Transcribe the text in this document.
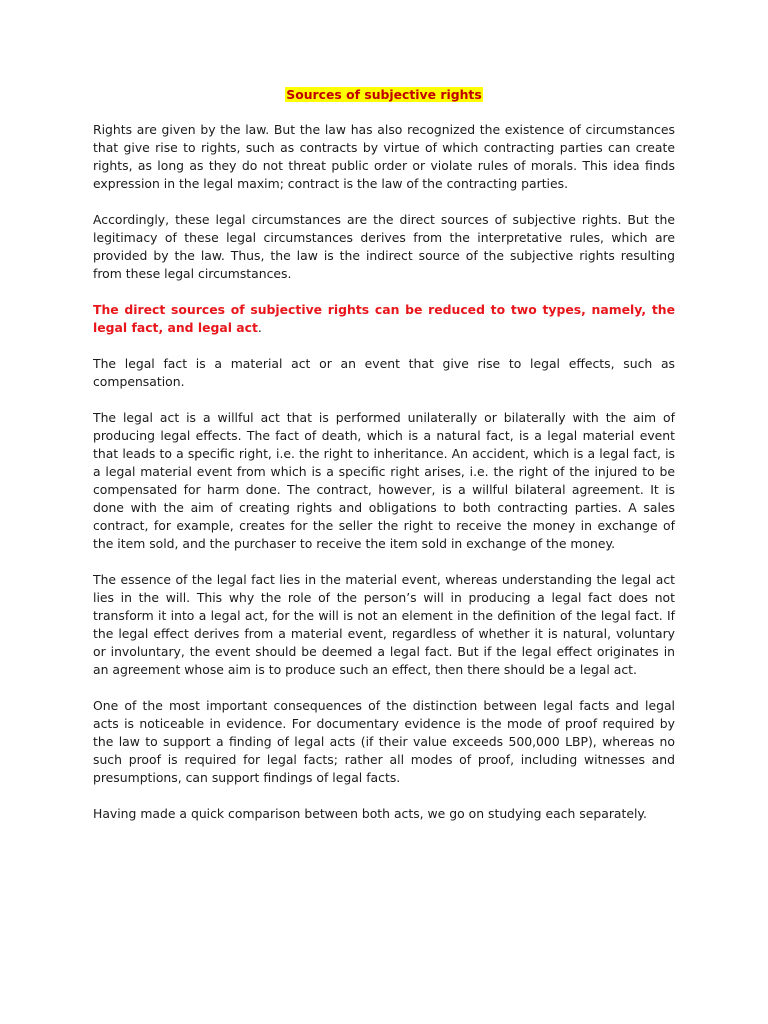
Sources of subjective rights

Rights are given by the law. But the law has also recognized the existence of circumstances that give rise to rights, such as contracts by virtue of which contracting parties can create rights, as long as they do not threat public order or violate rules of morals. This idea finds expression in the legal maxim; contract is the law of the contracting parties.

Accordingly, these legal circumstances are the direct sources of subjective rights. But the legitimacy of these legal circumstances derives from the interpretative rules, which are provided by the law. Thus, the law is the indirect source of the subjective rights resulting from these legal circumstances.

The direct sources of subjective rights can be reduced to two types, namely, the legal fact, and legal act.

The legal fact is a material act or an event that give rise to legal effects, such as compensation.

The legal act is a willful act that is performed unilaterally or bilaterally with the aim of producing legal effects. The fact of death, which is a natural fact, is a legal material event that leads to a specific right, i.e. the right to inheritance. An accident, which is a legal fact, is a legal material event from which is a specific right arises, i.e. the right of the injured to be compensated for harm done. The contract, however, is a willful bilateral agreement. It is done with the aim of creating rights and obligations to both contracting parties. A sales contract, for example, creates for the seller the right to receive the money in exchange of the item sold, and the purchaser to receive the item sold in exchange of the money.

The essence of the legal fact lies in the material event, whereas understanding the legal act lies in the will. This why the role of the person’s will in producing a legal fact does not transform it into a legal act, for the will is not an element in the definition of the legal fact. If the legal effect derives from a material event, regardless of whether it is natural, voluntary or involuntary, the event should be deemed a legal fact. But if the legal effect originates in an agreement whose aim is to produce such an effect, then there should be a legal act.

One of the most important consequences of the distinction between legal facts and legal acts is noticeable in evidence. For documentary evidence is the mode of proof required by the law to support a finding of legal acts (if their value exceeds 500,000 LBP), whereas no such proof is required for legal facts; rather all modes of proof, including witnesses and presumptions, can support findings of legal facts.

Having made a quick comparison between both acts, we go on studying each separately.
